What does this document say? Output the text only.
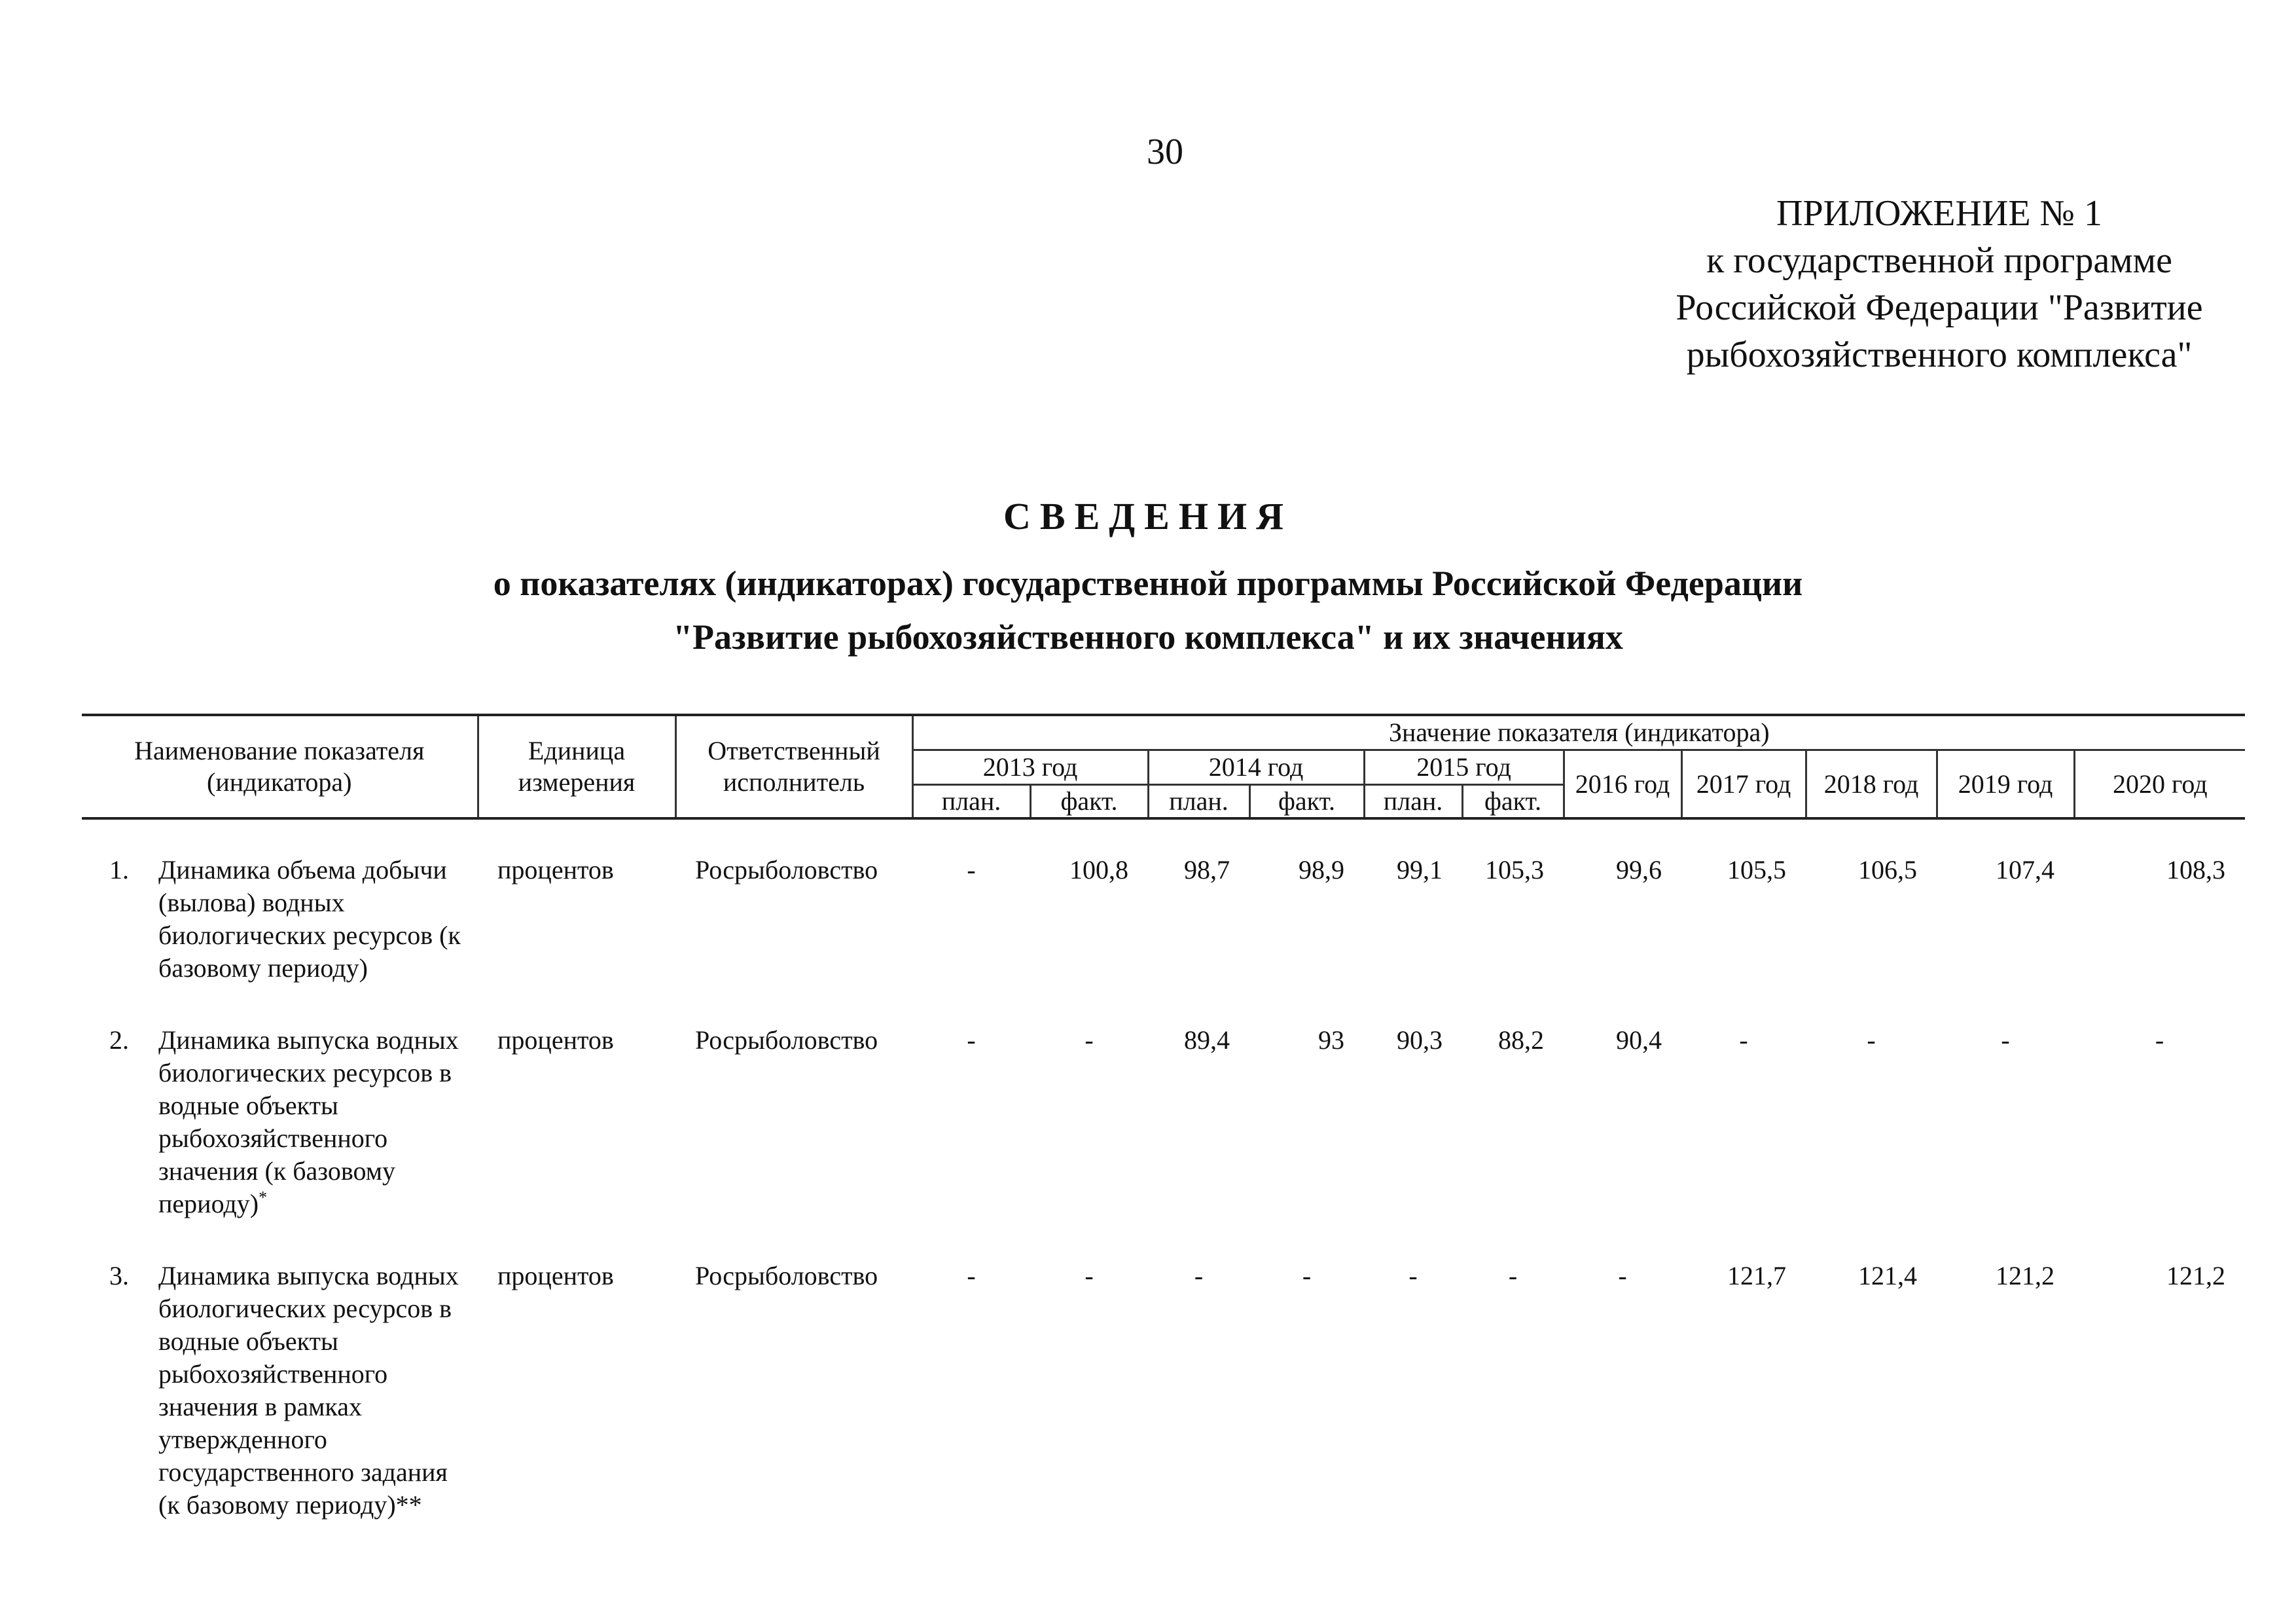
30
ПРИЛОЖЕНИЕ № 1
к государственной программе
Российской Федерации "Развитие
рыбохозяйственного комплекса"
СВЕДЕНИЯ
о показателях (индикаторах) государственной программы Российской Федерации
"Развитие рыбохозяйственного комплекса" и их значениях
Наименование показателя (индикатора)	Единица измерения	Ответственный исполнитель	Значение показателя (индикатора)										
			2013 год		2014 год		2015 год		2016 год	2017 год	2018 год	2019 год	2020 год
			план.	факт.	план.	факт.	план.	факт.					

1. Динамика объема добычи (вылова) водных биологических ресурсов (к базовому периоду)	процентов	Росрыболовство	-	100,8	98,7	98,9	99,1	105,3	99,6	105,5	106,5	107,4	108,3

2. Динамика выпуска водных биологических ресурсов в водные объекты рыбохозяйственного значения (к базовому периоду)*	процентов	Росрыболовство	-	-	89,4	93	90,3	88,2	90,4	-	-	-	-

3. Динамика выпуска водных биологических ресурсов в водные объекты рыбохозяйственного значения в рамках утвержденного государственного задания (к базовому периоду)**	процентов	Росрыболовство	-	-	-	-	-	-	-	121,7	121,4	121,2	121,2
